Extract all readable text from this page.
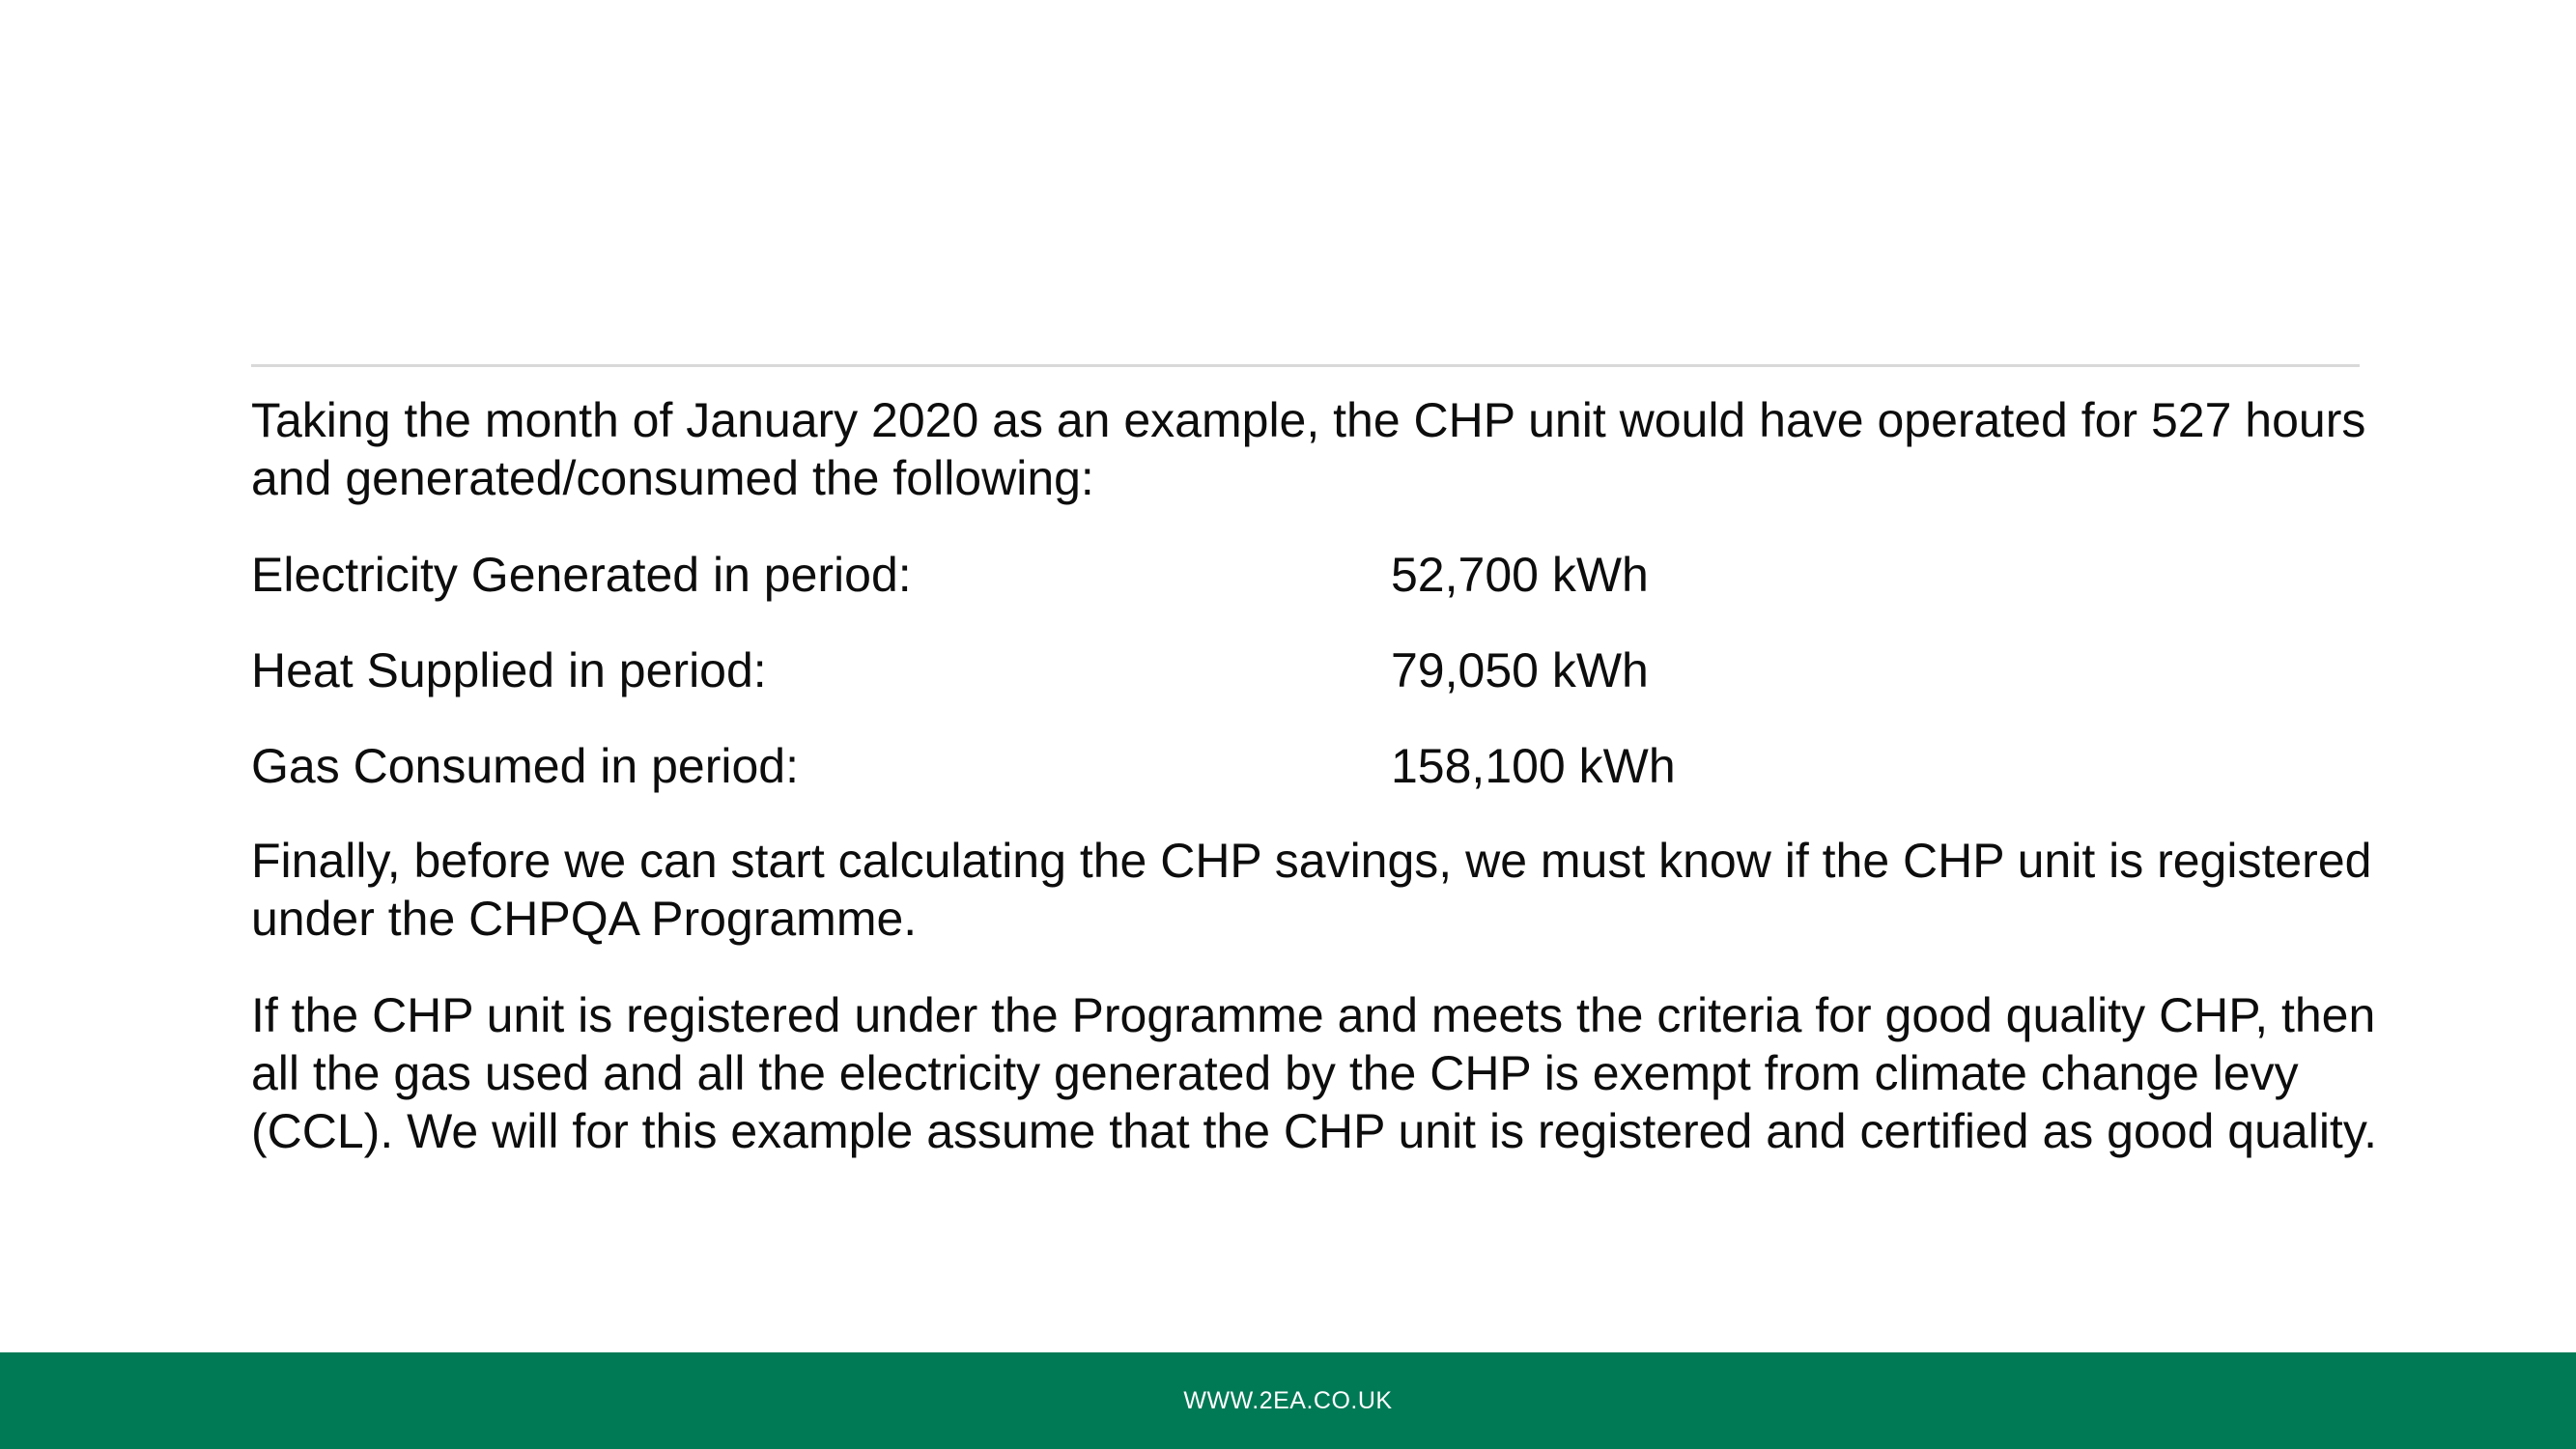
Taking the month of January 2020 as an example, the CHP unit would have operated for 527 hours and generated/consumed the following:

Electricity Generated in period:	52,700 kWh
Heat Supplied in period:	79,050 kWh
Gas Consumed in period:	158,100 kWh

Finally, before we can start calculating the CHP savings, we must know if the CHP unit is registered under the CHPQA Programme.

If the CHP unit is registered under the Programme and meets the criteria for good quality CHP, then all the gas used and all the electricity generated by the CHP is exempt from climate change levy (CCL). We will for this example assume that the CHP unit is registered and certified as good quality.

WWW.2EA.CO.UK
